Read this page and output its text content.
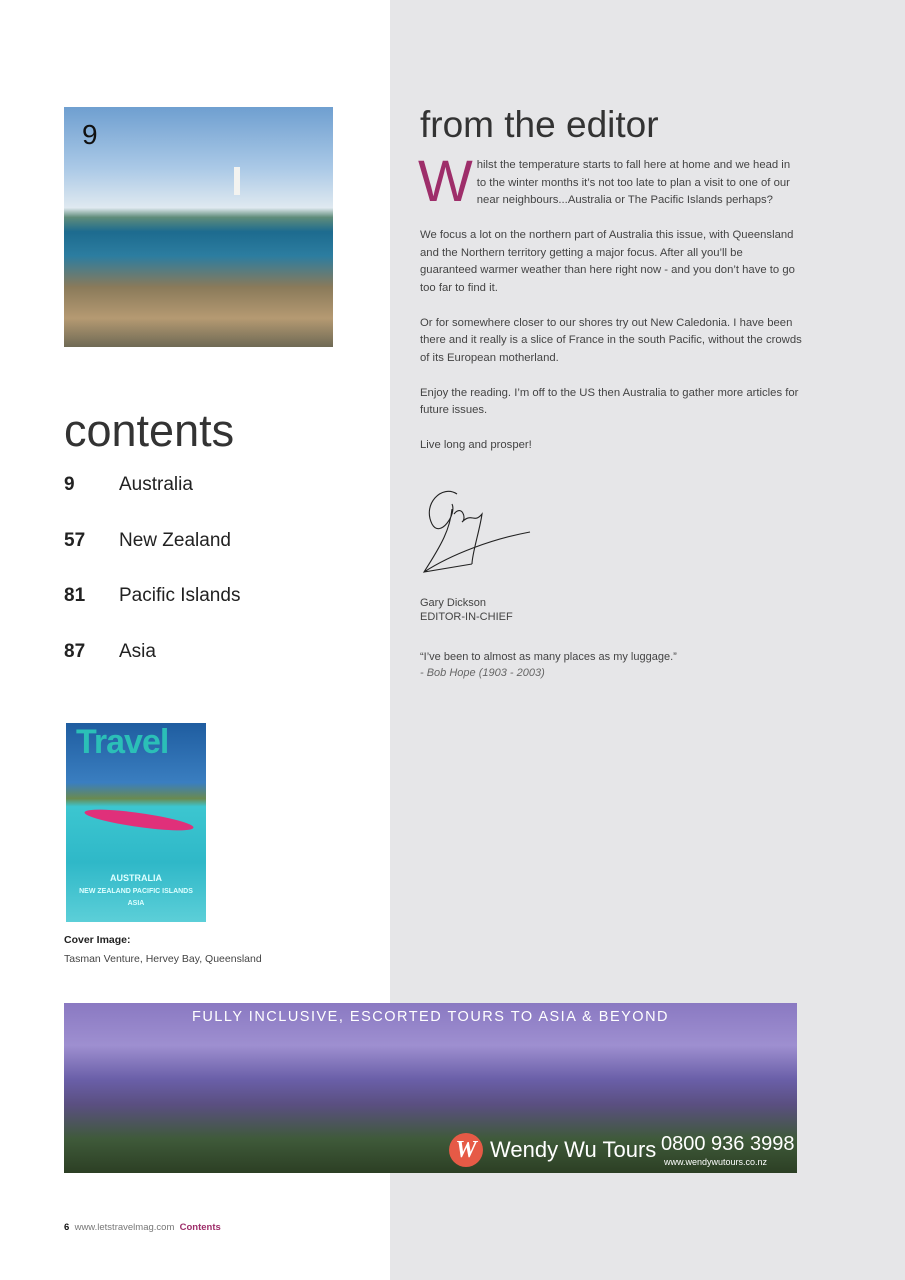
9
contents
9 Australia
57 New Zealand
81 Pacific Islands
87 Asia
Travel
AUSTRALIA
NEW ZEALAND PACIFIC ISLANDS
ASIA
Cover Image:
Tasman Venture, Hervey Bay, Queensland
FULLY INCLUSIVE, ESCORTED TOURS TO ASIA & BEYOND
W Wendy Wu Tours 0800 936 3998
www.wendywutours.co.nz
6 www.letstravelmag.com Contents
from the editor

Whilst the temperature starts to fall here at home and we head in to the winter months it’s not too late to plan a visit to one of our near neighbours...Australia or The Pacific Islands perhaps?

We focus a lot on the northern part of Australia this issue, with Queensland and the Northern territory getting a major focus. After all you’ll be guaranteed warmer weather than here right now - and you don’t have to go too far to find it.

Or for somewhere closer to our shores try out New Caledonia. I have been there and it really is a slice of France in the south Pacific, without the crowds of its European motherland.

Enjoy the reading. I’m off to the US then Australia to gather more articles for future issues.

Live long and prosper!

Gary Dickson
EDITOR-IN-CHIEF
“I’ve been to almost as many places as my luggage.”
- Bob Hope (1903 - 2003)
